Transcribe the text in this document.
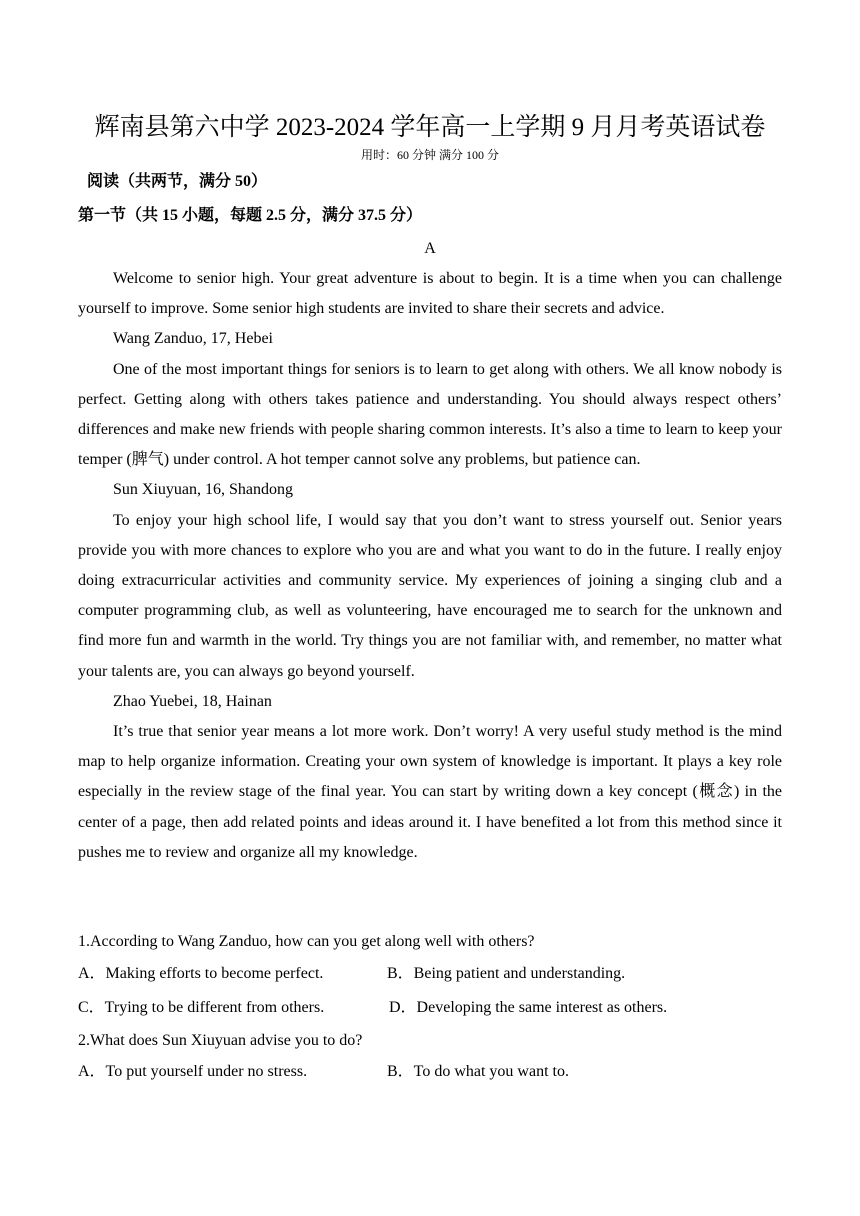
辉南县第六中学 2023-2024 学年高一上学期 9 月月考英语试卷
用时：60 分钟 满分 100 分
阅读（共两节，满分 50）
第一节（共 15 小题，每题 2.5 分，满分 37.5 分）
A

Welcome to senior high. Your great adventure is about to begin. It is a time when you can challenge yourself to improve. Some senior high students are invited to share their secrets and advice.

Wang Zanduo, 17, Hebei

One of the most important things for seniors is to learn to get along with others. We all know nobody is perfect. Getting along with others takes patience and understanding. You should always respect others’ differences and make new friends with people sharing common interests. It’s also a time to learn to keep your temper (脾气) under control. A hot temper cannot solve any problems, but patience can.

Sun Xiuyuan, 16, Shandong

To enjoy your high school life, I would say that you don’t want to stress yourself out. Senior years provide you with more chances to explore who you are and what you want to do in the future. I really enjoy doing extracurricular activities and community service. My experiences of joining a singing club and a computer programming club, as well as volunteering, have encouraged me to search for the unknown and find more fun and warmth in the world. Try things you are not familiar with, and remember, no matter what your talents are, you can always go beyond yourself.

Zhao Yuebei, 18, Hainan

It’s true that senior year means a lot more work. Don’t worry! A very useful study method is the mind map to help organize information. Creating your own system of knowledge is important. It plays a key role especially in the review stage of the final year. You can start by writing down a key concept (概念) in the center of a page, then add related points and ideas around it. I have benefited a lot from this method since it pushes me to review and organize all my knowledge.

1.According to Wang Zanduo, how can you get along well with others?
A．Making efforts to become perfect.	B．Being patient and understanding.
C．Trying to be different from others.	D．Developing the same interest as others.
2.What does Sun Xiuyuan advise you to do?
A．To put yourself under no stress.	B．To do what you want to.
